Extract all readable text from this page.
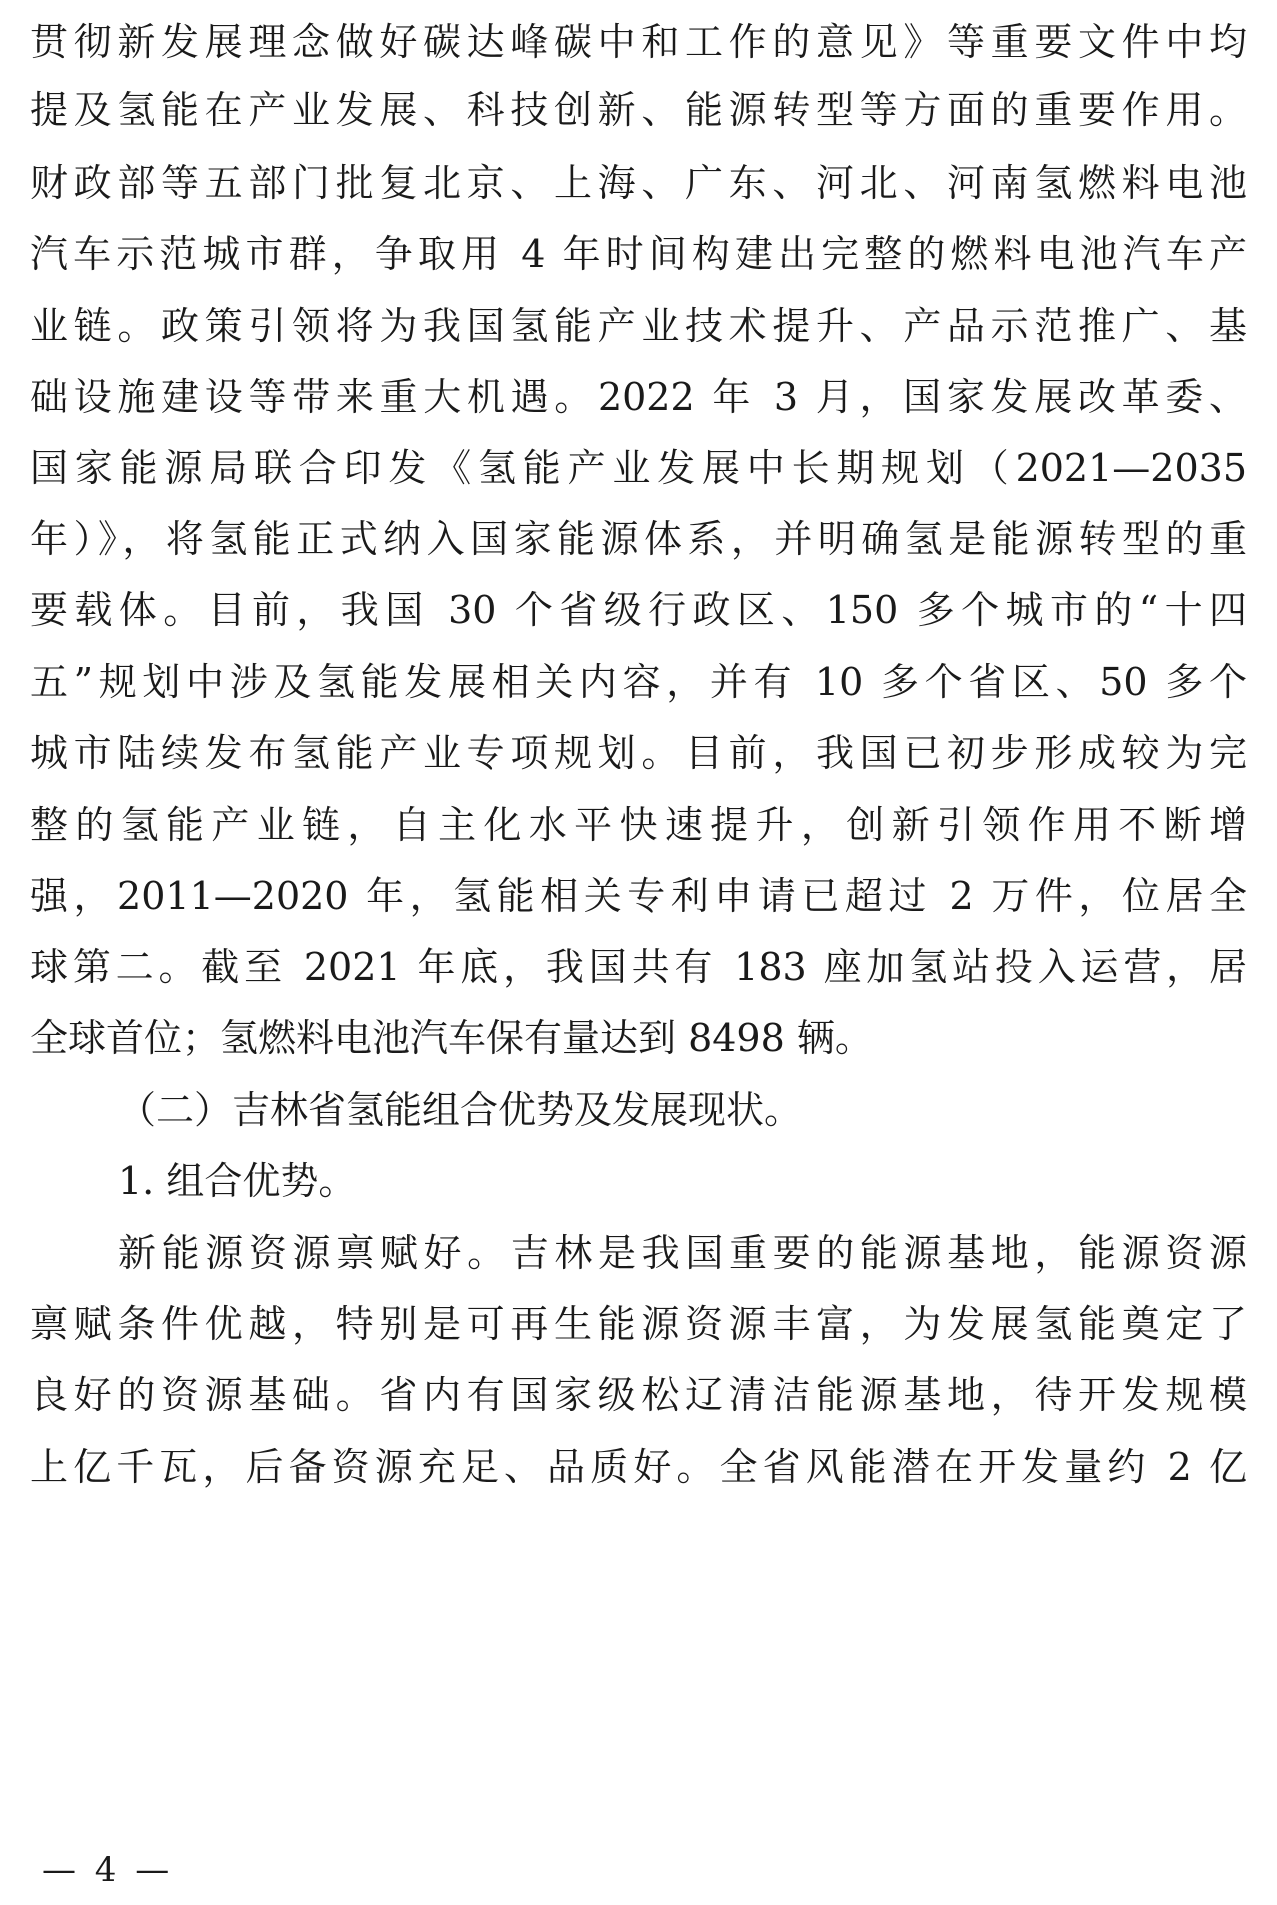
贯彻新发展理念做好碳达峰碳中和工作的意见》等重要文件中均
提及氢能在产业发展、科技创新、能源转型等方面的重要作用。
财政部等五部门批复北京、上海、广东、河北、河南氢燃料电池
汽车示范城市群，争取用 4 年时间构建出完整的燃料电池汽车产
业链。政策引领将为我国氢能产业技术提升、产品示范推广、基
础设施建设等带来重大机遇。2022 年 3 月，国家发展改革委、
国家能源局联合印发《氢能产业发展中长期规划（2021—2035
年）》，将氢能正式纳入国家能源体系，并明确氢是能源转型的重
要载体。目前，我国 30 个省级行政区、150 多个城市的“十四
五”规划中涉及氢能发展相关内容，并有 10 多个省区、50 多个
城市陆续发布氢能产业专项规划。目前，我国已初步形成较为完
整的氢能产业链，自主化水平快速提升，创新引领作用不断增
强，2011—2020 年，氢能相关专利申请已超过 2 万件，位居全
球第二。截至 2021 年底，我国共有 183 座加氢站投入运营，居
全球首位；氢燃料电池汽车保有量达到 8498 辆。
（二）吉林省氢能组合优势及发展现状。
1. 组合优势。
新能源资源禀赋好。吉林是我国重要的能源基地，能源资源
禀赋条件优越，特别是可再生能源资源丰富，为发展氢能奠定了
良好的资源基础。省内有国家级松辽清洁能源基地，待开发规模
上亿千瓦，后备资源充足、品质好。全省风能潜在开发量约 2 亿
— 4 —
